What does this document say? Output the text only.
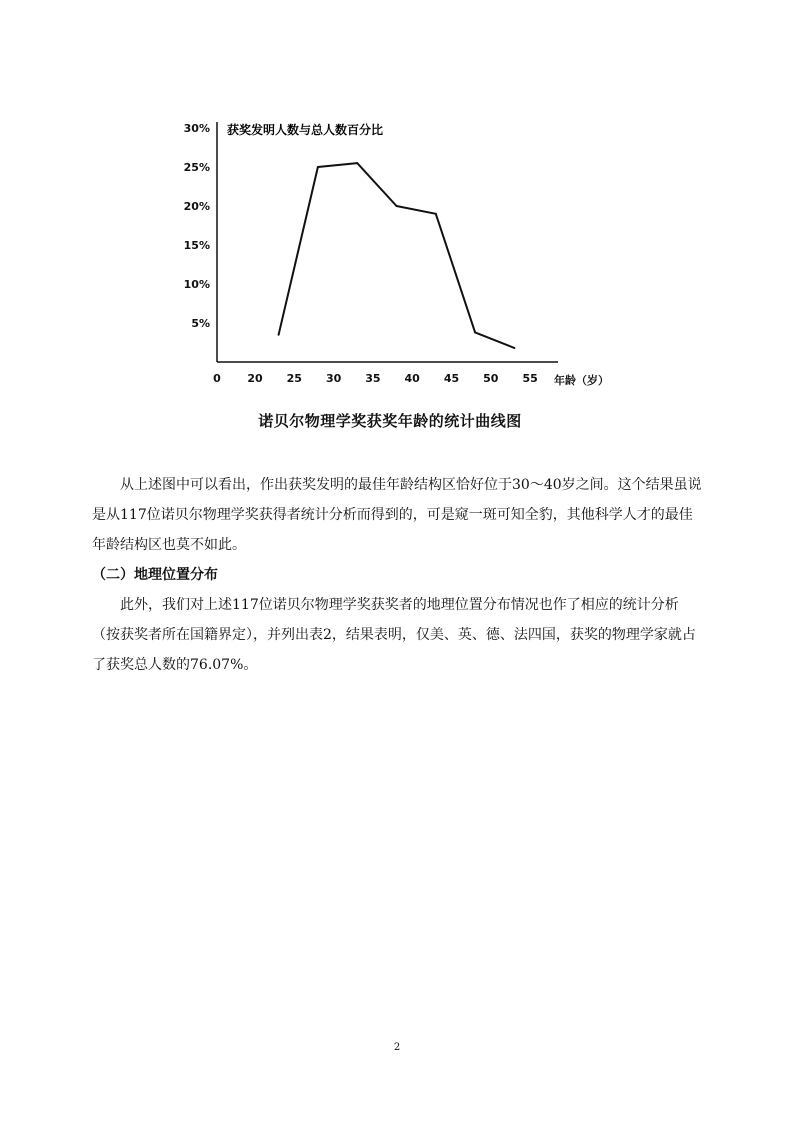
获奖发明人数与总人数百分比
年龄（岁）
5%
10%
15%
20%
25%
30%
0 20 25 30 35 40 45 50 55
诺贝尔物理学奖获奖年龄的统计曲线图

从上述图中可以看出，作出获奖发明的最佳年龄结构区恰好位于30～40岁之间。这个结果虽说是从117位诺贝尔物理学奖获得者统计分析而得到的，可是窥一斑可知全豹，其他科学人才的最佳年龄结构区也莫不如此。

（二）地理位置分布

此外，我们对上述117位诺贝尔物理学奖获奖者的地理位置分布情况也作了相应的统计分析（按获奖者所在国籍界定），并列出表2，结果表明，仅美、英、德、法四国，获奖的物理学家就占了获奖总人数的76.07%。

2
